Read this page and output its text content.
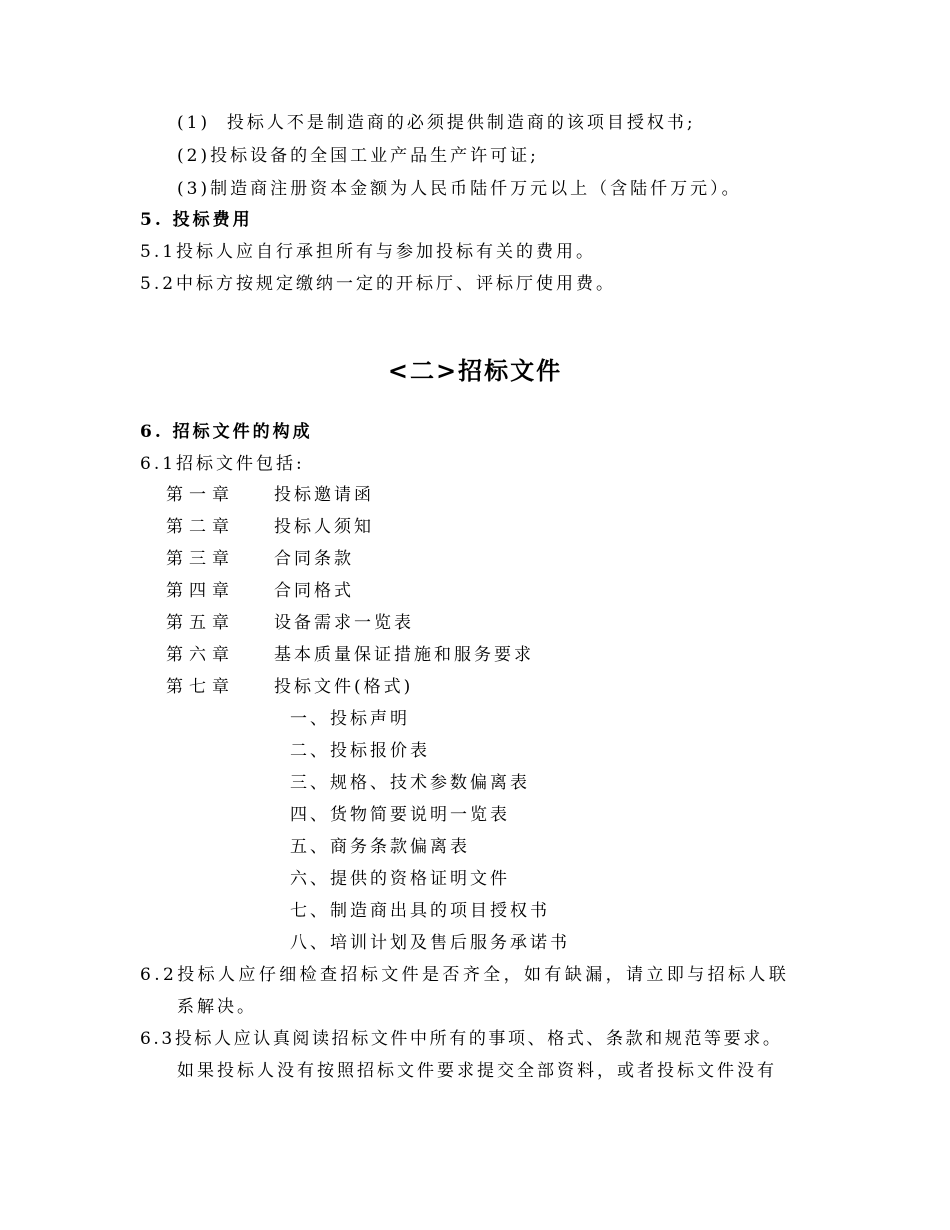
(1)  投标人不是制造商的必须提供制造商的该项目授权书;
(2)投标设备的全国工业产品生产许可证;
(3)制造商注册资本金额为人民币陆仟万元以上（含陆仟万元）。
5. 投标费用
5.1投标人应自行承担所有与参加投标有关的费用。
5.2中标方按规定缴纳一定的开标厅、评标厅使用费。
<二>招标文件
6. 招标文件的构成
6.1招标文件包括:
第一章 投标邀请函
第二章 投标人须知
第三章 合同条款
第四章 合同格式
第五章 设备需求一览表
第六章 基本质量保证措施和服务要求
第七章 投标文件(格式)
一、投标声明
二、投标报价表
三、规格、技术参数偏离表
四、货物简要说明一览表
五、商务条款偏离表
六、提供的资格证明文件
七、制造商出具的项目授权书
八、培训计划及售后服务承诺书
6.2投标人应仔细检查招标文件是否齐全，如有缺漏，请立即与招标人联
系解决。
6.3投标人应认真阅读招标文件中所有的事项、格式、条款和规范等要求。
如果投标人没有按照招标文件要求提交全部资料，或者投标文件没有
